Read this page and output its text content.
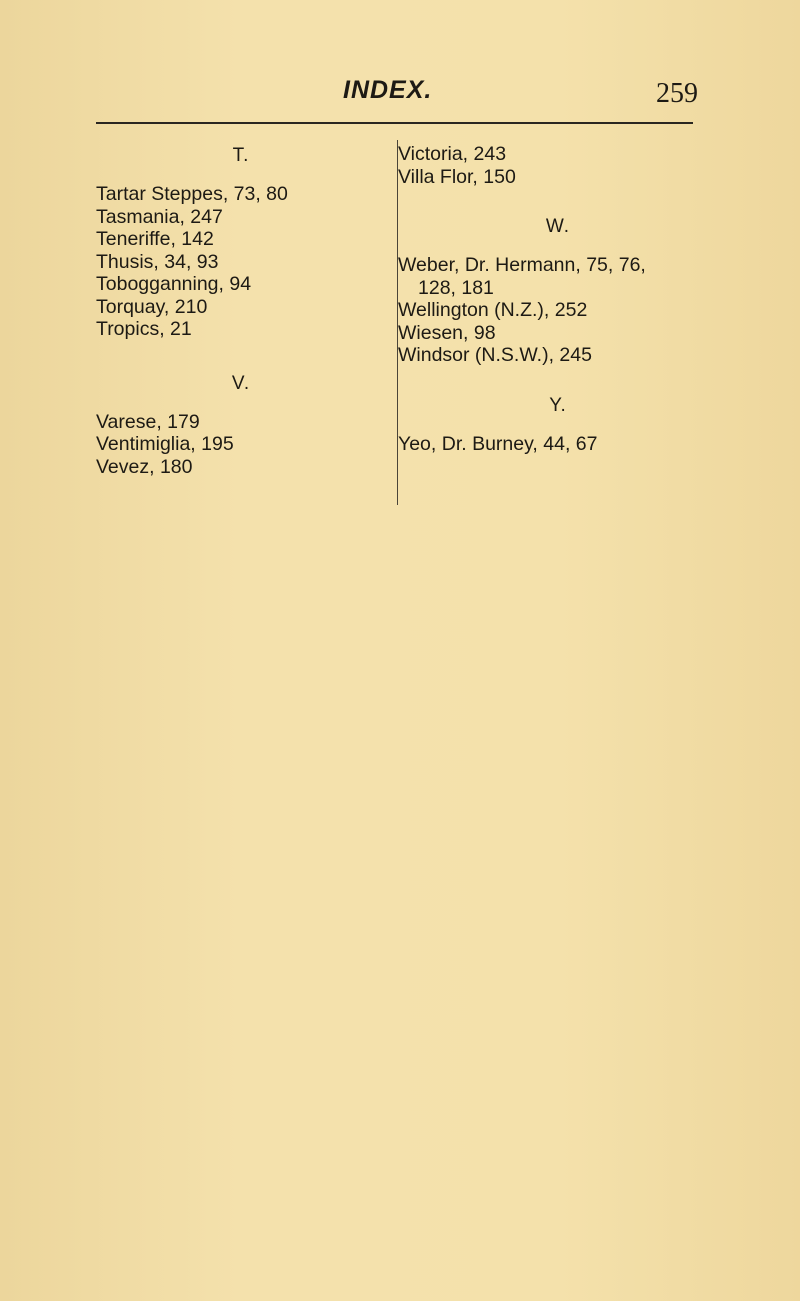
INDEX.	259
T.
Tartar Steppes, 73, 80
Tasmania, 247
Teneriffe, 142
Thusis, 34, 93
Tobogganning, 94
Torquay, 210
Tropics, 21
V.
Varese, 179
Ventimiglia, 195
Vevez, 180
Victoria, 243
Villa Flor, 150
W.
Weber, Dr. Hermann, 75, 76,
128, 181
Wellington (N.Z.), 252
Wiesen, 98
Windsor (N.S.W.), 245
Y.
Yeo, Dr. Burney, 44, 67
